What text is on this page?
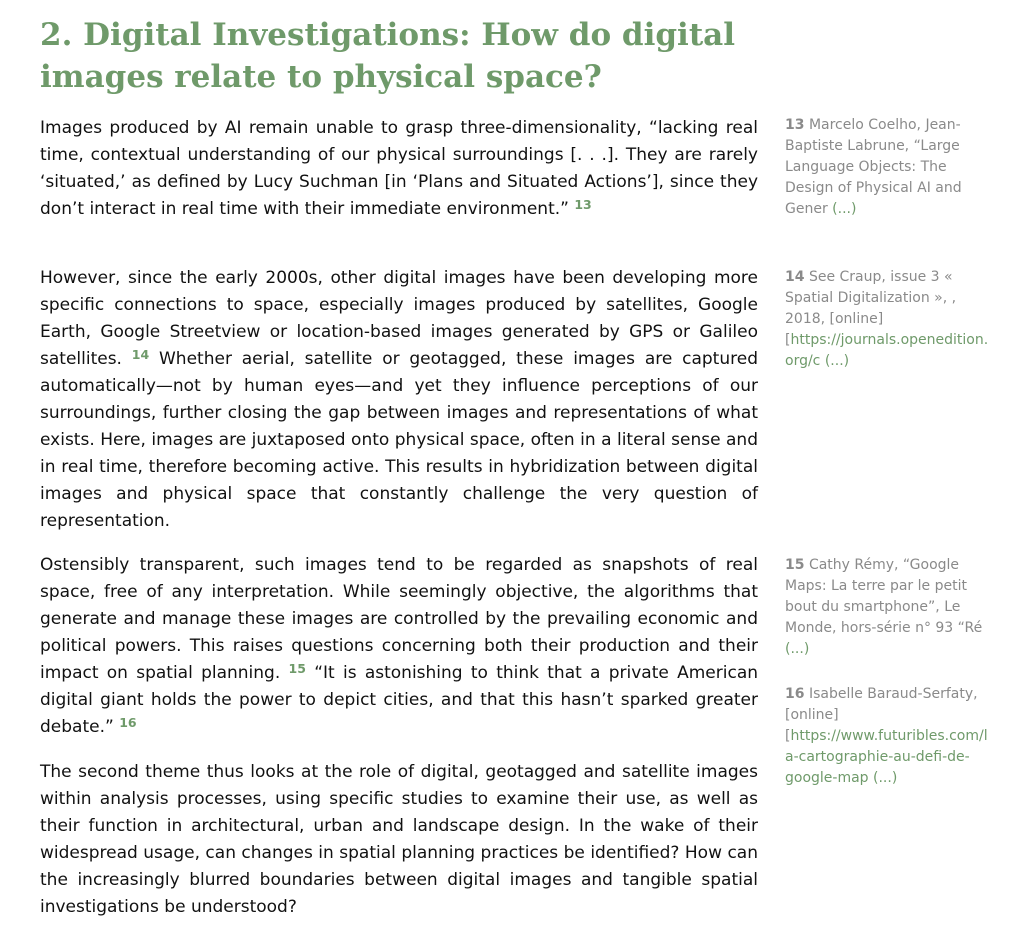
2. Digital Investigations: How do digital images relate to physical space?

Images produced by AI remain unable to grasp three-dimensionality, “lacking real time, contextual understanding of our physical surroundings [. . .]. They are rarely ‘situated,’ as defined by Lucy Suchman [in ‘Plans and Situated Actions’], since they don’t interact in real time with their immediate environment.” $^{13}$

However, since the early 2000s, other digital images have been developing more specific connections to space, especially images produced by satellites, Google Earth, Google Streetview or location-based images generated by GPS or Galileo satellites. $^{14}$ Whether aerial, satellite or geotagged, these images are captured automatically—not by human eyes—and yet they influence perceptions of our surroundings, further closing the gap between images and representations of what exists. Here, images are juxtaposed onto physical space, often in a literal sense and in real time, therefore becoming active. This results in hybridization between digital images and physical space that constantly challenge the very question of representation.

Ostensibly transparent, such images tend to be regarded as snapshots of real space, free of any interpretation. While seemingly objective, the algorithms that generate and manage these images are controlled by the prevailing economic and political powers. This raises questions concerning both their production and their impact on spatial planning. $^{15}$ “It is astonishing to think that a private American digital giant holds the power to depict cities, and that this hasn’t sparked greater debate.” $^{16}$

The second theme thus looks at the role of digital, geotagged and satellite images within analysis processes, using specific studies to examine their use, as well as their function in architectural, urban and landscape design. In the wake of their widespread usage, can changes in spatial planning practices be identified? How can the increasingly blurred boundaries between digital images and tangible spatial investigations be understood?

13 Marcelo Coelho, Jean-Baptiste Labrune, “Large Language Objects: The Design of Physical AI and Gener (...)

14 See Craup, issue 3 « Spatial Digitalization », , 2018, [online] [https://journals.openedition.org/c (...)

15 Cathy Rémy, “Google Maps: La terre par le petit bout du smartphone”, Le Monde, hors-série n° 93 “Ré (...)

16 Isabelle Baraud-Serfaty, [online] [https://www.futuribles.com/la-cartographie-au-defi-de-google-map (...)
